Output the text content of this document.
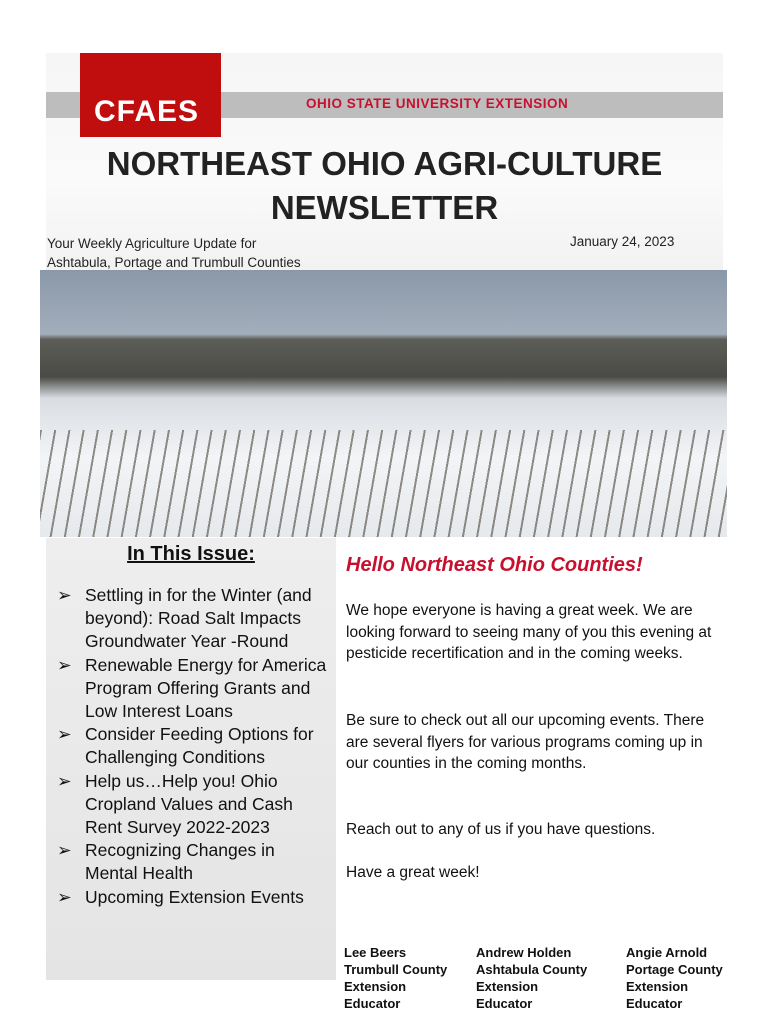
OHIO STATE UNIVERSITY EXTENSION
CFAES
NORTHEAST OHIO AGRI-CULTURE
NEWSLETTER
Your Weekly Agriculture Update for
Ashtabula, Portage and Trumbull Counties
January 24, 2023
In This Issue:
➢ Settling in for the Winter (and beyond): Road Salt Impacts Groundwater Year -Round
➢ Renewable Energy for America Program Offering Grants and Low Interest Loans
➢ Consider Feeding Options for Challenging Conditions
➢ Help us…Help you! Ohio Cropland Values and Cash Rent Survey 2022-2023
➢ Recognizing Changes in Mental Health
➢ Upcoming Extension Events
Hello Northeast Ohio Counties!
We hope everyone is having a great week. We are looking forward to seeing many of you this evening at pesticide recertification and in the coming weeks.
Be sure to check out all our upcoming events. There are several flyers for various programs coming up in our counties in the coming months.
Reach out to any of us if you have questions.
Have a great week!
Lee Beers
Trumbull County
Extension
Educator
Andrew Holden
Ashtabula County
Extension
Educator
Angie Arnold
Portage County
Extension
Educator
